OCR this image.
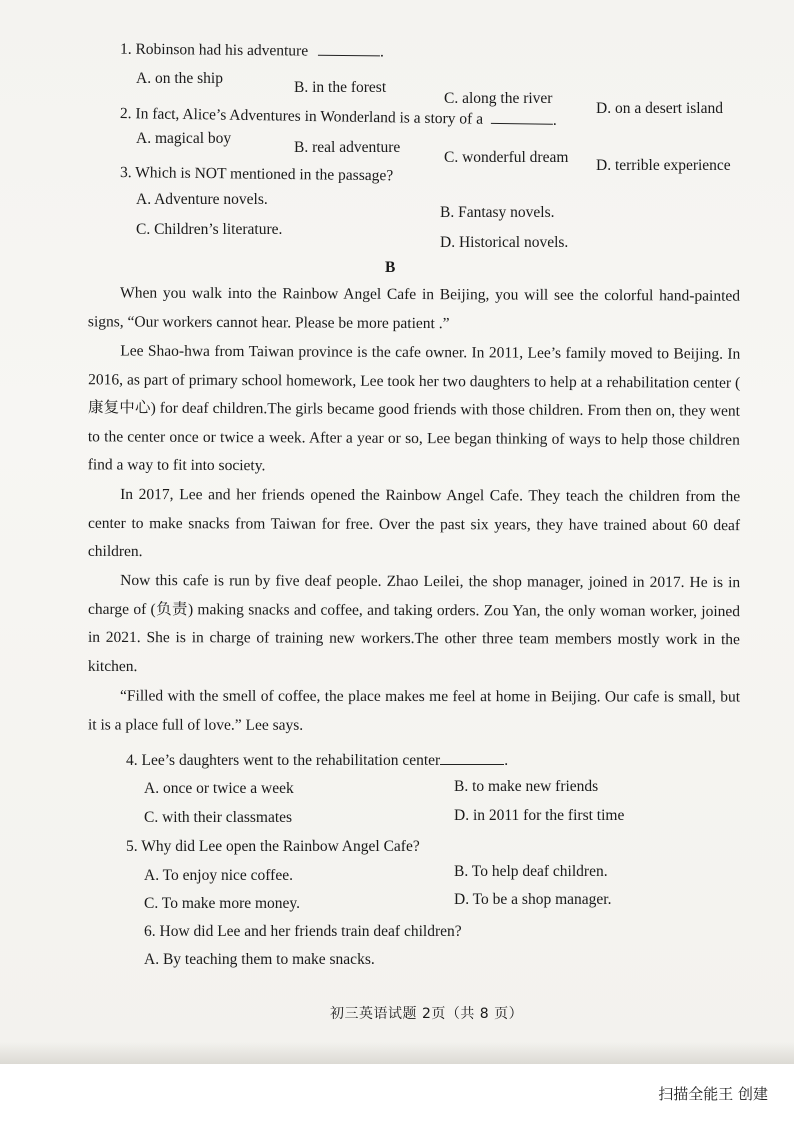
1. Robinson had his adventure	.
A. on the ship
B. in the forest
C. along the river
D. on a desert island
2. In fact, Alice’s Adventures in Wonderland is a story of a	.
A. magical boy
B. real adventure
C. wonderful dream D. terrible experience
3. Which is NOT mentioned in the passage?
A. Adventure novels.
B. Fantasy novels.
C. Children’s literature.
D. Historical novels.
B

When you walk into the Rainbow Angel Cafe in Beijing, you will see the colorful hand-painted signs, “Our workers cannot hear. Please be more patient .”

Lee Shao-hwa from Taiwan province is the cafe owner. In 2011, Lee’s family moved to Beijing. In 2016, as part of primary school homework, Lee took her two daughters to help at a rehabilitation center ( 康复中心) for deaf children.The girls became good friends with those children. From then on, they went to the center once or twice a week. After a year or so, Lee began thinking of ways to help those children find a way to fit into society.

In 2017, Lee and her friends opened the Rainbow Angel Cafe. They teach the children from the center to make snacks from Taiwan for free. Over the past six years, they have trained about 60 deaf children.

Now this cafe is run by five deaf people. Zhao Leilei, the shop manager, joined in 2017. He is in charge of (负责) making snacks and coffee, and taking orders. Zou Yan, the only woman worker, joined in 2021. She is in charge of training new workers.The other three team members mostly work in the kitchen.

“Filled with the smell of coffee, the place makes me feel at home in Beijing. Our cafe is small, but it is a place full of love.” Lee says.

4. Lee’s daughters went to the rehabilitation center	.
A. once or twice a week	B. to make new friends
C. with their classmates	D. in 2011 for the first time
5. Why did Lee open the Rainbow Angel Cafe?
A. To enjoy nice coffee.	B. To help deaf children.
C. To make more money.	D. To be a shop manager.
6. How did Lee and her friends train deaf children?
A. By teaching them to make snacks.
初三英语试题 2页（共 8 页）
扫描全能王 创建
